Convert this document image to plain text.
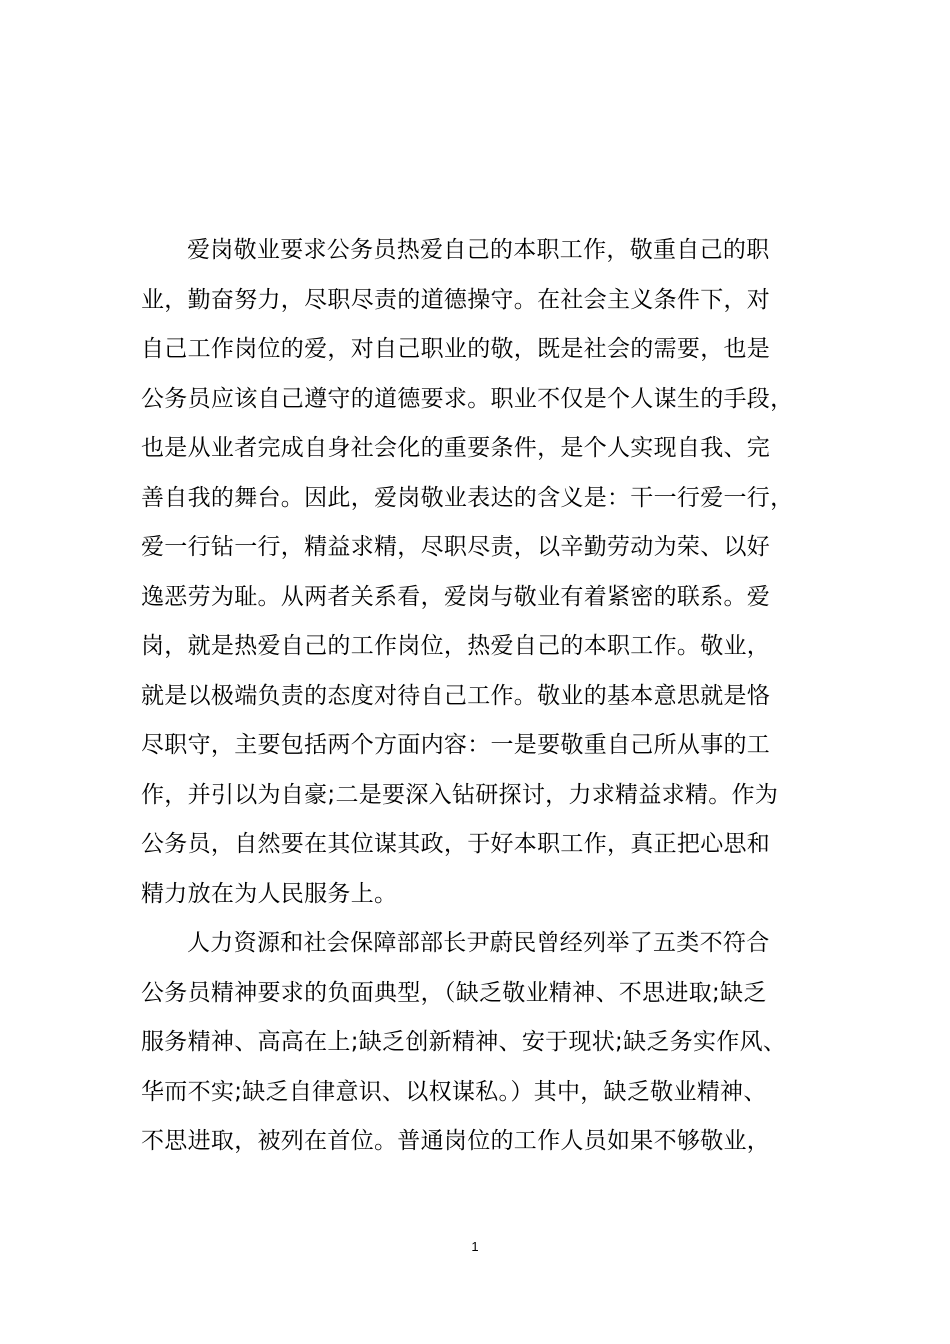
爱岗敬业要求公务员热爱自己的本职工作，敬重自己的职
业，勤奋努力，尽职尽责的道德操守。在社会主义条件下，对
自己工作岗位的爱，对自己职业的敬，既是社会的需要，也是
公务员应该自己遵守的道德要求。职业不仅是个人谋生的手段，
也是从业者完成自身社会化的重要条件，是个人实现自我、完
善自我的舞台。因此，爱岗敬业表达的含义是：干一行爱一行，
爱一行钻一行，精益求精，尽职尽责，以辛勤劳动为荣、以好
逸恶劳为耻。从两者关系看，爱岗与敬业有着紧密的联系。爱
岗，就是热爱自己的工作岗位，热爱自己的本职工作。敬业，
就是以极端负责的态度对待自己工作。敬业的基本意思就是恪
尽职守，主要包括两个方面内容：一是要敬重自己所从事的工
作，并引以为自豪;二是要深入钻研探讨，力求精益求精。作为
公务员，自然要在其位谋其政，于好本职工作，真正把心思和
精力放在为人民服务上。
人力资源和社会保障部部长尹蔚民曾经列举了五类不符合
公务员精神要求的负面典型，（缺乏敬业精神、不思进取;缺乏
服务精神、高高在上;缺乏创新精神、安于现状;缺乏务实作风、
华而不实;缺乏自律意识、以权谋私。）其中，缺乏敬业精神、
不思进取，被列在首位。普通岗位的工作人员如果不够敬业，
1
